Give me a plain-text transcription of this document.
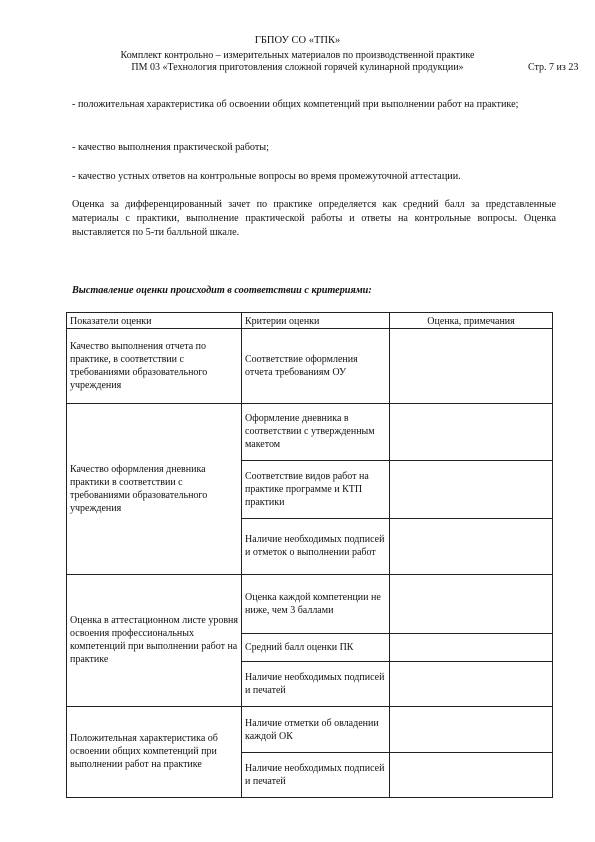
ГБПОУ СО «ТПК»
Комплект контрольно – измерительных материалов по производственной практике
ПМ 03 «Технология приготовления сложной горячей кулинарной продукции»	Стр. 7 из 23
- положительная характеристика об освоении общих компетенций при выполнении работ на практике;
- качество выполнения практической работы;
- качество устных ответов на контрольные вопросы во время промежуточной аттестации.
Оценка за дифференцированный зачет по практике определяется как средний балл за представленные материалы с практики, выполнение практической работы и ответы на контрольные вопросы. Оценка выставляется по 5-ти балльной шкале.
Выставление оценки происходит в соответствии с критериями:
Показатели оценки	Критерии оценки	Оценка, примечания
Качество выполнения отчета по практике, в соответствии с требованиями образовательного учреждения	Соответствие оформления отчета требованиям ОУ	
Качество оформления дневника практики в соответствии с требованиями образовательного учреждения	Оформление дневника в соответствии с утвержденным макетом	
	Соответствие видов работ на практике программе и КТП практики	
	Наличие необходимых подписей и отметок о выполнении работ	
Оценка в аттестационном листе уровня освоения профессиональных компетенций при выполнении работ на практике	Оценка каждой компетенции не ниже, чем 3 баллами	
	Средний балл оценки ПК	
	Наличие необходимых подписей и печатей	
Положительная характеристика об освоении общих компетенций при выполнении работ на практике	Наличие отметки об овладении каждой ОК	
	Наличие необходимых подписей и печатей	
